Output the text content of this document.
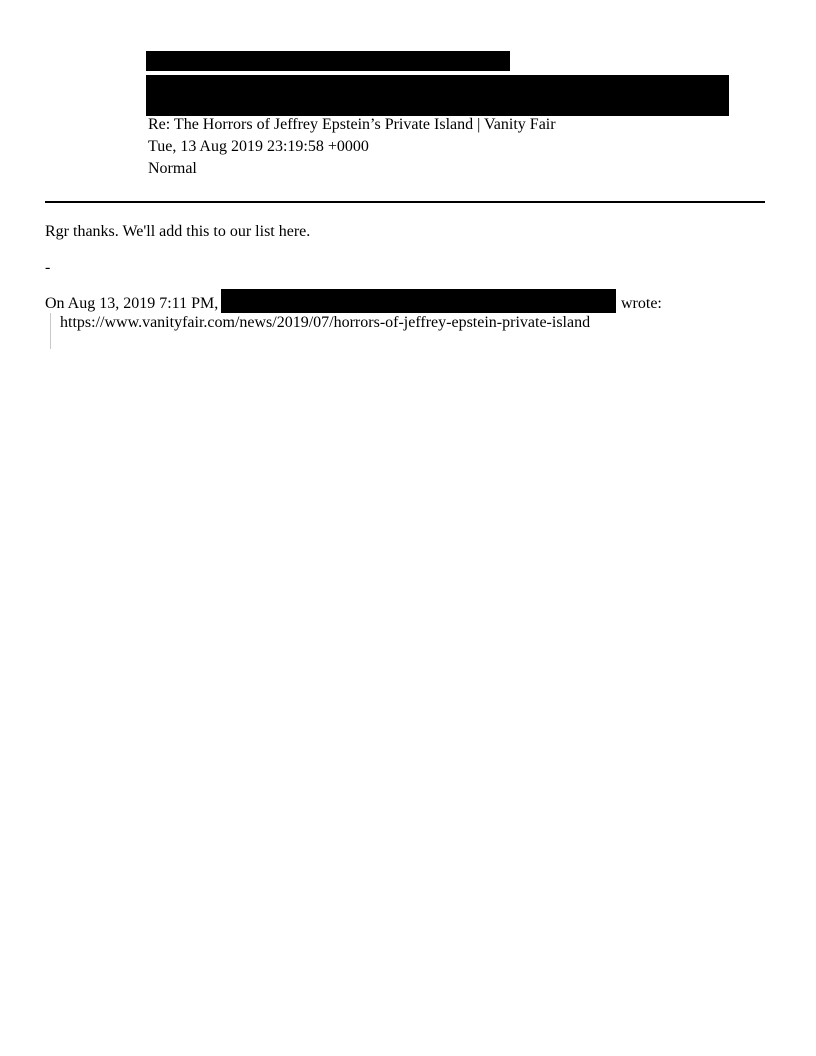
Re: The Horrors of Jeffrey Epstein’s Private Island | Vanity Fair
Tue, 13 Aug 2019 23:19:58 +0000
Normal
Rgr thanks. We'll add this to our list here.
-
On Aug 13, 2019 7:11 PM,	wrote:
https://www.vanityfair.com/news/2019/07/horrors-of-jeffrey-epstein-private-island
